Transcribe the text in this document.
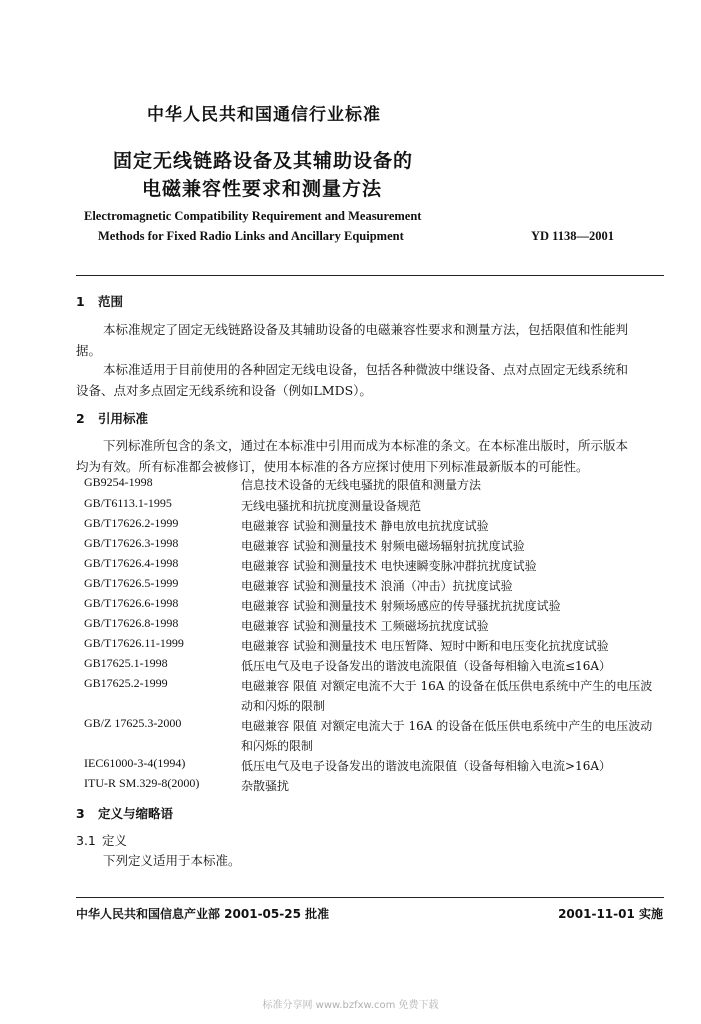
中华人民共和国通信行业标准
固定无线链路设备及其辅助设备的
电磁兼容性要求和测量方法
Electromagnetic Compatibility Requirement and Measurement
Methods for Fixed Radio Links and Ancillary Equipment	YD 1138—2001
1 范围
本标准规定了固定无线链路设备及其辅助设备的电磁兼容性要求和测量方法，包括限值和性能判
据。
本标准适用于目前使用的各种固定无线电设备，包括各种微波中继设备、点对点固定无线系统和
设备、点对多点固定无线系统和设备（例如LMDS）。
2 引用标准
下列标准所包含的条文，通过在本标准中引用而成为本标准的条文。在本标准出版时，所示版本
均为有效。所有标准都会被修订，使用本标准的各方应探讨使用下列标准最新版本的可能性。
GB9254-1998	信息技术设备的无线电骚扰的限值和测量方法
GB/T6113.1-1995	无线电骚扰和抗扰度测量设备规范
GB/T17626.2-1999	电磁兼容 试验和测量技术 静电放电抗扰度试验
GB/T17626.3-1998	电磁兼容 试验和测量技术 射频电磁场辐射抗扰度试验
GB/T17626.4-1998	电磁兼容 试验和测量技术 电快速瞬变脉冲群抗扰度试验
GB/T17626.5-1999	电磁兼容 试验和测量技术 浪涌（冲击）抗扰度试验
GB/T17626.6-1998	电磁兼容 试验和测量技术 射频场感应的传导骚扰抗扰度试验
GB/T17626.8-1998	电磁兼容 试验和测量技术 工频磁场抗扰度试验
GB/T17626.11-1999	电磁兼容 试验和测量技术 电压暂降、短时中断和电压变化抗扰度试验
GB17625.1-1998	低压电气及电子设备发出的谐波电流限值（设备每相输入电流≤16A）
GB17625.2-1999	电磁兼容 限值 对额定电流不大于 16A 的设备在低压供电系统中产生的电压波动和闪烁的限制
GB/Z 17625.3-2000	电磁兼容 限值 对额定电流大于 16A 的设备在低压供电系统中产生的电压波动和闪烁的限制
IEC61000-3-4(1994)	低压电气及电子设备发出的谐波电流限值（设备每相输入电流>16A）
ITU-R SM.329-8(2000)	杂散骚扰
3 定义与缩略语
3.1 定义
下列定义适用于本标准。
中华人民共和国信息产业部 2001-05-25 批准	2001-11-01 实施
标准分享网 www.bzfxw.com 免费下载
